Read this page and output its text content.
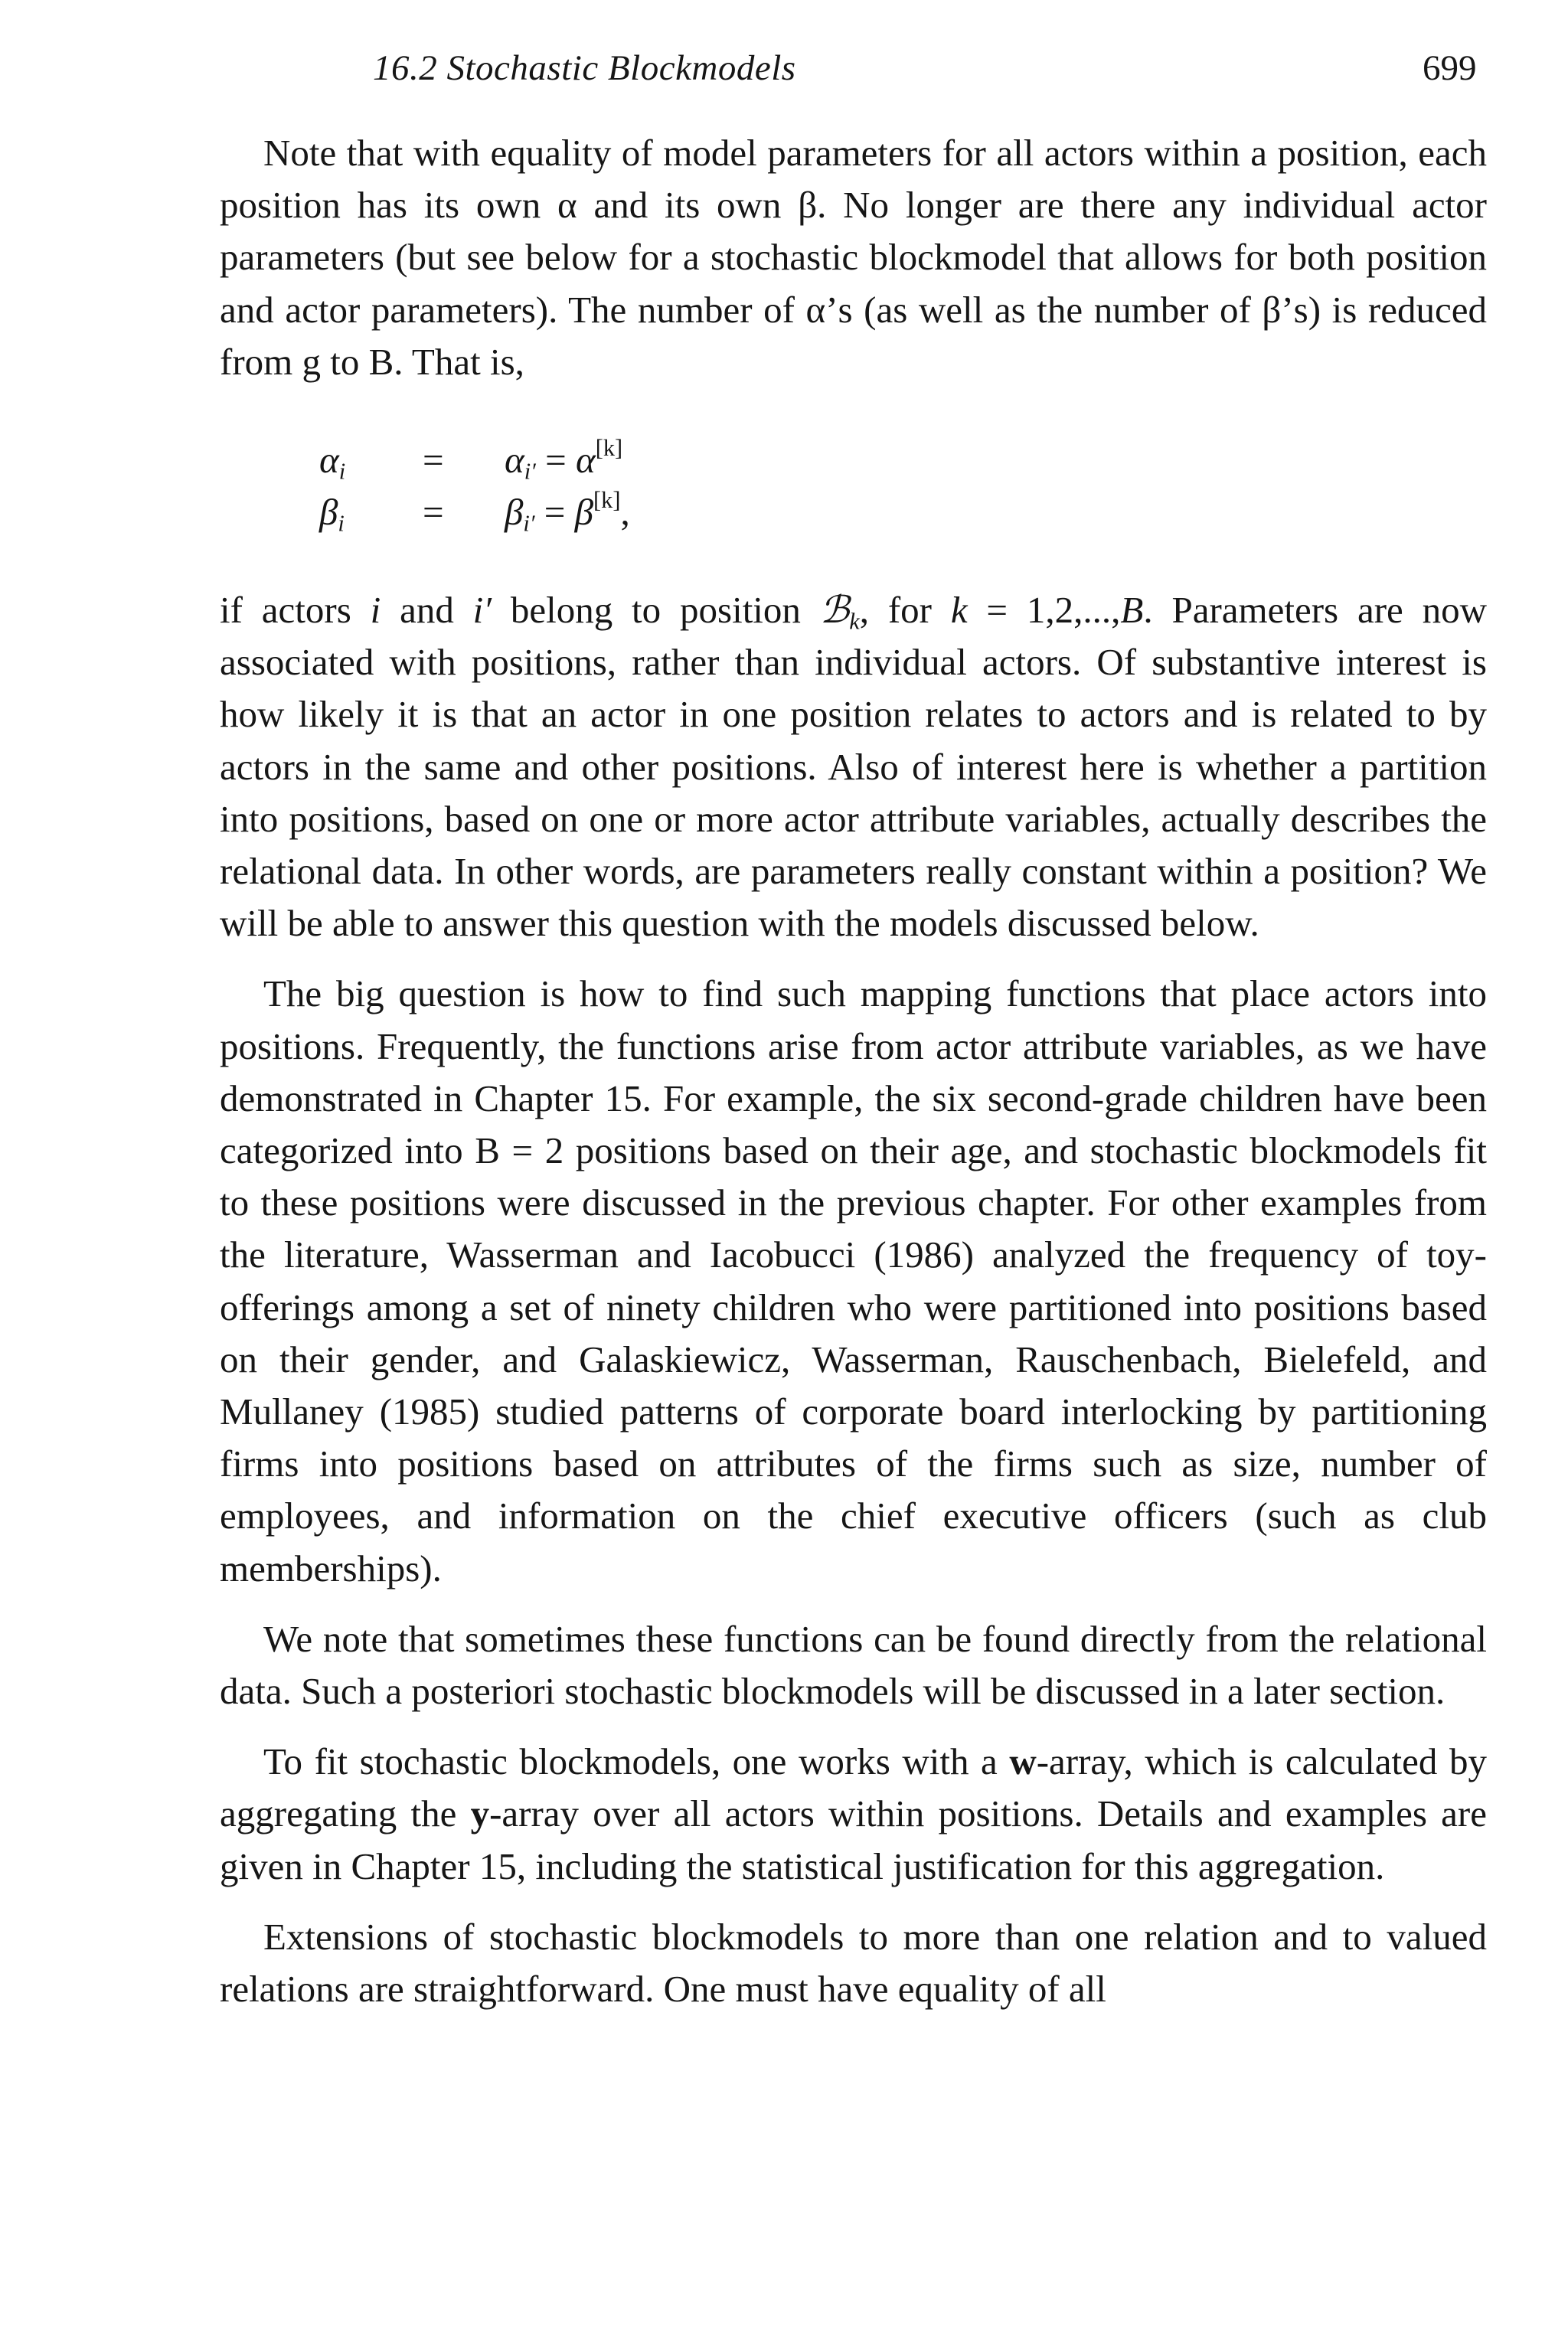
16.2 Stochastic Blockmodels	699

Note that with equality of model parameters for all actors within a position, each position has its own α and its own β. No longer are there any individual actor parameters (but see below for a stochastic blockmodel that allows for both position and actor parameters). The number of α’s (as well as the number of β’s) is reduced from g to B. That is,

$\alpha_i = \alpha_{i'} = \alpha[k]$
$\beta_i = \beta_{i'} = \beta[k]$,

if actors i and i′ belong to position ℬ$_k$, for k = 1,2,...,B. Parameters are now associated with positions, rather than individual actors. Of substantive interest is how likely it is that an actor in one position relates to actors and is related to by actors in the same and other positions. Also of interest here is whether a partition into positions, based on one or more actor attribute variables, actually describes the relational data. In other words, are parameters really constant within a position? We will be able to answer this question with the models discussed below.

The big question is how to find such mapping functions that place actors into positions. Frequently, the functions arise from actor attribute variables, as we have demonstrated in Chapter 15. For example, the six second-grade children have been categorized into B = 2 positions based on their age, and stochastic blockmodels fit to these positions were discussed in the previous chapter. For other examples from the literature, Wasserman and Iacobucci (1986) analyzed the frequency of toy-offerings among a set of ninety children who were partitioned into positions based on their gender, and Galaskiewicz, Wasserman, Rauschenbach, Bielefeld, and Mullaney (1985) studied patterns of corporate board interlocking by partitioning firms into positions based on attributes of the firms such as size, number of employees, and information on the chief executive officers (such as club memberships).

We note that sometimes these functions can be found directly from the relational data. Such a posteriori stochastic blockmodels will be discussed in a later section.

To fit stochastic blockmodels, one works with a w-array, which is calculated by aggregating the y-array over all actors within positions. Details and examples are given in Chapter 15, including the statistical justification for this aggregation.

Extensions of stochastic blockmodels to more than one relation and to valued relations are straightforward. One must have equality of all
